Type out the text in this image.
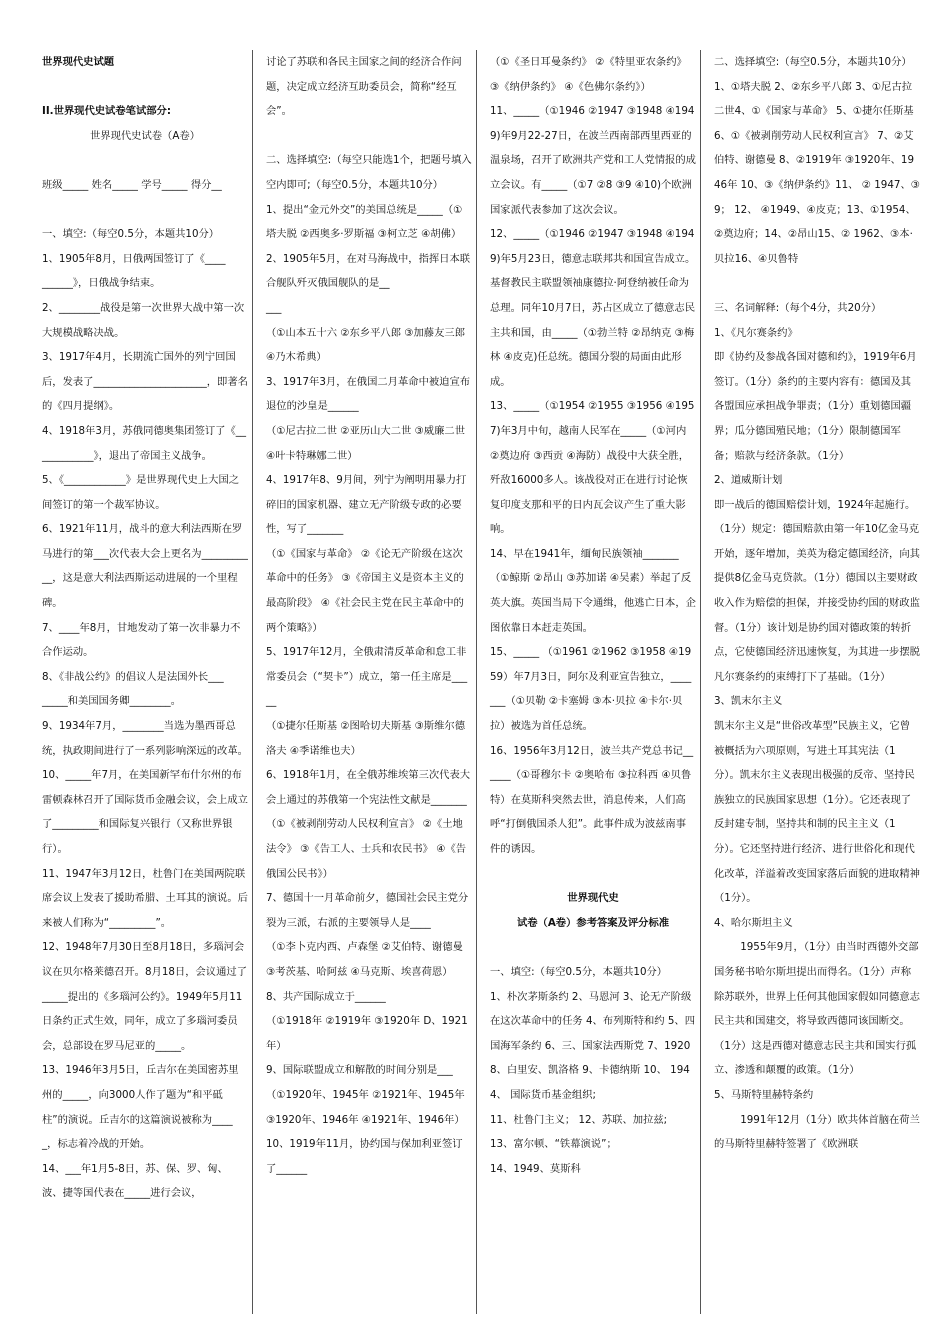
世界现代史试题

II.世界现代史试卷笔试部分:

世界现代史试卷（A卷）

班级_____ 姓名_____ 学号_____ 得分__

一、填空:（每空0.5分，本题共10分）

1、1905年8月，日俄两国签订了《____
______》，日俄战争结束。

2、________战役是第一次世界大战中第一次大规模战略决战。

3、1917年4月，长期流亡国外的列宁回国后，发表了______________________，即著名的《四月提纲》。

4、1918年3月，苏俄同德奥集团签订了《____________》，退出了帝国主义战争。

5、《____________》是世界现代史上大国之间签订的第一个裁军协议。

6、1921年11月，战斗的意大利法西斯在罗马进行的第___次代表大会上更名为___________，这是意大利法西斯运动进展的一个里程碑。

7、____年8月，甘地发动了第一次非暴力不合作运动。

8、《非战公约》的倡议人是法国外长___
_____和美国国务卿________。

9、1934年7月，________当选为墨西哥总统，执政期间进行了一系列影响深远的改革。

10、_____年7月，在美国新罕布什尔州的布雷顿森林召开了国际货币金融会议，会上成立了_________和国际复兴银行（又称世界银行）。

11、1947年3月12日，杜鲁门在美国两院联席会议上发表了援助希腊、土耳其的演说。后来被人们称为“_________”。

12、1948年7月30日至8月18日，多瑙河会议在贝尔格莱德召开。8月18日，会议通过了_____提出的《多瑙河公约》。1949年5月11日条约正式生效，同年，成立了多瑙河委员会，总部设在罗马尼亚的_____。

13、1946年3月5日，丘吉尔在美国密苏里州的_____，向3000人作了题为“和平砥柱”的演说。丘吉尔的这篇演说被称为_____，标志着冷战的开始。

14、___年1月5-8日，苏、保、罗、匈、波、捷等国代表在_____进行会议，

讨论了苏联和各民主国家之间的经济合作问题，决定成立经济互助委员会，简称“经互会”。

二、选择填空:（每空只能选1个，把题号填入空内即可;（每空0.5分，本题共10分）

1、提出“金元外交”的美国总统是_____（①塔夫脱 ②西奥多·罗斯福 ③柯立芝 ④胡佛）

2、1905年5月，在对马海战中，指挥日本联合舰队歼灭俄国舰队的是__
___

（①山本五十六 ②东乡平八郎 ③加藤友三郎 ④乃木希典）

3、1917年3月，在俄国二月革命中被迫宣布退位的沙皇是______

（①尼古拉二世 ②亚历山大二世 ③威廉二世 ④叶卡特琳娜二世）

4、1917年8、9月间，列宁为阐明用暴力打碎旧的国家机器、建立无产阶级专政的必要性，写了_______

（①《国家与革命》 ②《论无产阶级在这次革命中的任务》 ③《帝国主义是资本主义的最高阶段》 ④《社会民主党在民主革命中的两个策略》）

5、1917年12月，全俄肃清反革命和怠工非常委员会（“契卡”）成立，第一任主席是_____

（①捷尔任斯基 ②图哈切夫斯基 ③斯维尔德洛夫 ④季诺维也夫）

6、1918年1月，在全俄苏维埃第三次代表大会上通过的苏俄第一个宪法性文献是_______

（①《被剥削劳动人民权利宣言》 ②《土地法令》 ③《告工人、士兵和农民书》 ④《告俄国公民书》）

7、德国十一月革命前夕，德国社会民主党分裂为三派，右派的主要领导人是____

（①李卜克内西、卢森堡 ②艾伯特、谢德曼 ③考茨基、哈阿兹 ④马克斯、埃喜荷恩）

8、共产国际成立于______

（①1918年 ②1919年 ③1920年 D、1921年）

9、国际联盟成立和解散的时间分别是___

（①1920年、1945年 ②1921年、1945年 ③1920年、1946年 ④1921年、1946年）

10、1919年11月，协约国与保加利亚签订了______

（①《圣日耳曼条约》 ②《特里亚农条约》 ③《纳伊条约》 ④《色佛尔条约》）

11、_____（①1946 ②1947 ③1948 ④1949)年9月22-27日，在波兰西南部西里西亚的温泉场，召开了欧洲共产党和工人党情报的成立会议。有_____（①7 ②8 ③9 ④10)个欧洲国家派代表参加了这次会议。

12、_____（①1946 ②1947 ③1948 ④1949)年5月23日，德意志联邦共和国宣告成立。基督教民主联盟领袖康德拉·阿登纳被任命为总理。同年10月7日，苏占区成立了德意志民主共和国，由_____（①勃兰特 ②昂纳克 ③梅林 ④皮克)任总统。德国分裂的局面由此形成。

13、_____（①1954 ②1955 ③1956 ④1957)年3月中旬，越南人民军在_____（①河内 ②奠边府 ③西贡 ④海防）战役中大获全胜，歼敌16000多人。该战役对正在进行讨论恢复印度支那和平的日内瓦会议产生了重大影响。

14、早在1941年，缅甸民族领袖_______（①鲸斯 ②昂山 ③苏加诺 ④吴素）举起了反英大旗。英国当局下令通缉，他逃亡日本，企图依靠日本赶走英国。

15、_____ （①1961 ②1962 ③1958 ④1959）年7月3日，阿尔及利亚宣告独立，_______（①贝勒 ②卡塞姆 ③本·贝拉 ④卡尔·贝拉）被选为首任总统。

16、1956年3月12日，波兰共产党总书记______（①哥穆尔卡 ②奥哈布 ③拉科西 ④贝鲁特）在莫斯科突然去世，消息传来，人们高呼“打倒俄国杀人犯”。此事件成为波兹南事件的诱因。

世界现代史

试卷（A卷）参考答案及评分标准

一、填空:（每空0.5分，本题共10分）

1、朴次茅斯条约 2、马恩河 3、论无产阶级在这次革命中的任务 4、布列斯特和约 5、四国海军条约 6、三、国家法西斯党 7、1920 8、白里安、凯洛格 9、卡德纳斯 10、 1944、 国际货币基金组织;

11、杜鲁门主义； 12、苏联、加拉兹;

13、富尔顿、“铁幕演说”；

14、1949、莫斯科

二、选择填空:（每空0.5分，本题共10分）

1、①塔夫脱 2、②东乡平八郎 3、①尼古拉二世4、①《国家与革命》 5、①捷尔任斯基 6、①《被剥削劳动人民权利宣言》 7、②艾伯特、谢德曼 8、②1919年 ③1920年、1946年 10、③《纳伊条约》11、 ② 1947、③9； 12、 ④1949、④皮克；13、①1954、②奠边府；14、②昂山15、② 1962、③本·贝拉16、④贝鲁特

三、名词解释:（每个4分，共20分）

1、《凡尔赛条约》

即《协约及参战各国对德和约》，1919年6月签订。（1分）条约的主要内容有：德国及其各盟国应承担战争罪责；（1分）重划德国疆界；瓜分德国殖民地；（1分）限制德国军备；赔款与经济条款。（1分）

2、道威斯计划

即一战后的德国赔偿计划，1924年起施行。（1分）规定：德国赔款由第一年10亿金马克开始，逐年增加，美英为稳定德国经济，向其提供8亿金马克贷款。（1分）德国以主要财政收入作为赔偿的担保，并接受协约国的财政监督。（1分）该计划是协约国对德政策的转折点，它使德国经济迅速恢复，为其进一步摆脱凡尔赛条约的束缚打下了基础。（1分）

3、凯末尔主义

凯末尔主义是“世俗改革型”民族主义，它曾被概括为六项原则，写进土耳其宪法（1分）。凯末尔主义表现出极强的反帝、坚持民族独立的民族国家思想（1分）。它还表现了反封建专制，坚持共和制的民主主义（1分）。它还坚持进行经济、进行世俗化和现代化改革，洋溢着改变国家落后面貌的进取精神（1分）。

4、哈尔斯坦主义

1955年9月，（1分）由当时西德外交部国务秘书哈尔斯坦提出而得名。（1分）声称除苏联外，世界上任何其他国家假如同德意志民主共和国建交，将导致西德同该国断交。（1分）这是西德对德意志民主共和国实行孤立、渗透和颠覆的政策。（1分）

5、马斯特里赫特条约

1991年12月（1分）欧共体首脑在荷兰的马斯特里赫特签署了《欧洲联
